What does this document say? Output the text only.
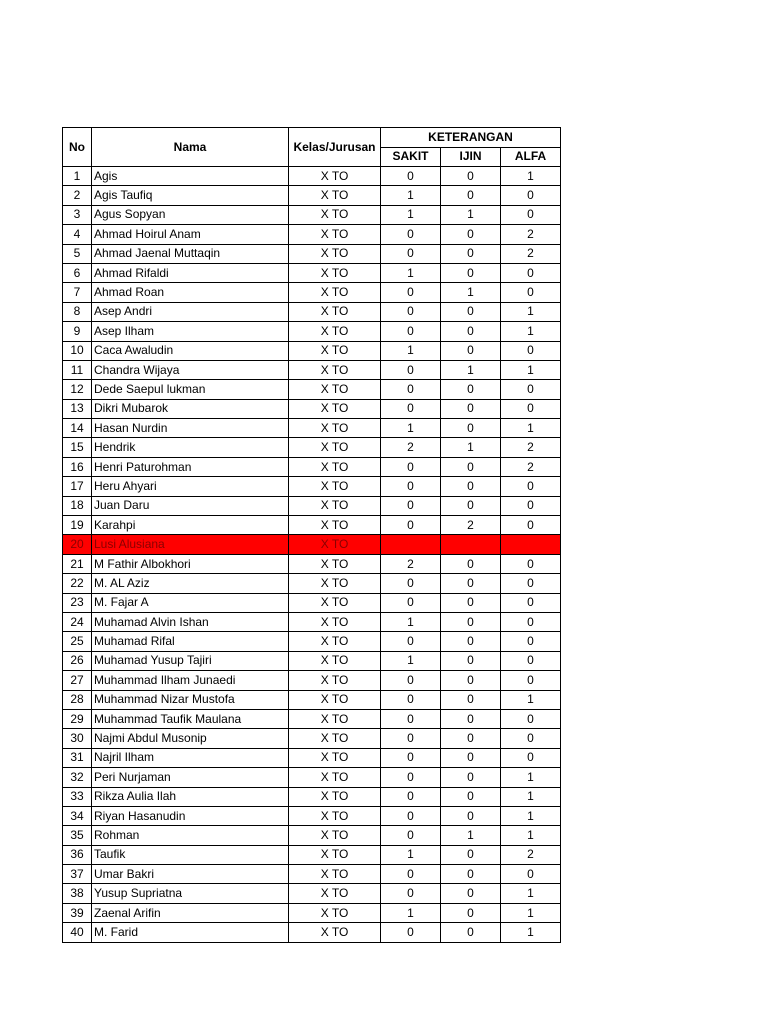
No	Nama	Kelas/Jurusan	KETERANGAN		
			SAKIT	IJIN	ALFA
1	Agis	X TO	0	0	1
2	Agis Taufiq	X TO	1	0	0
3	Agus Sopyan	X TO	1	1	0
4	Ahmad Hoirul Anam	X TO	0	0	2
5	Ahmad Jaenal Muttaqin	X TO	0	0	2
6	Ahmad Rifaldi	X TO	1	0	0
7	Ahmad Roan	X TO	0	1	0
8	Asep Andri	X TO	0	0	1
9	Asep Ilham	X TO	0	0	1
10	Caca Awaludin	X TO	1	0	0
11	Chandra Wijaya	X TO	0	1	1
12	Dede Saepul lukman	X TO	0	0	0
13	Dikri Mubarok	X TO	0	0	0
14	Hasan Nurdin	X TO	1	0	1
15	Hendrik	X TO	2	1	2
16	Henri Paturohman	X TO	0	0	2
17	Heru Ahyari	X TO	0	0	0
18	Juan Daru	X TO	0	0	0
19	Karahpi	X TO	0	2	0
20	Lusi Alusiana	X TO			
21	M Fathir Albokhori	X TO	2	0	0
22	M. AL Aziz	X TO	0	0	0
23	M. Fajar A	X TO	0	0	0
24	Muhamad Alvin Ishan	X TO	1	0	0
25	Muhamad Rifal	X TO	0	0	0
26	Muhamad Yusup Tajiri	X TO	1	0	0
27	Muhammad Ilham Junaedi	X TO	0	0	0
28	Muhammad Nizar Mustofa	X TO	0	0	1
29	Muhammad Taufik Maulana	X TO	0	0	0
30	Najmi Abdul Musonip	X TO	0	0	0
31	Najril Ilham	X TO	0	0	0
32	Peri Nurjaman	X TO	0	0	1
33	Rikza Aulia Ilah	X TO	0	0	1
34	Riyan Hasanudin	X TO	0	0	1
35	Rohman	X TO	0	1	1
36	Taufik	X TO	1	0	2
37	Umar Bakri	X TO	0	0	0
38	Yusup Supriatna	X TO	0	0	1
39	Zaenal Arifin	X TO	1	0	1
40	M. Farid	X TO	0	0	1
